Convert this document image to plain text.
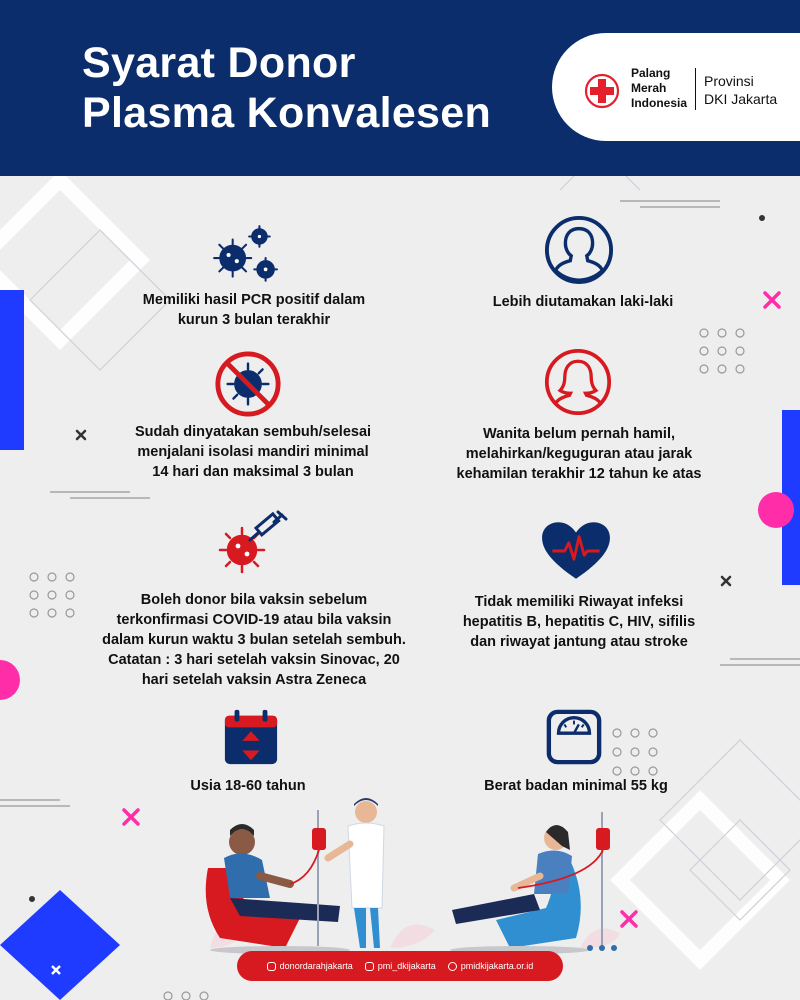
Syarat Donor
Plasma Konvalesen
Palang
Merah
Indonesia
Provinsi
DKI Jakarta
Memiliki hasil PCR positif dalam kurun 3 bulan terakhir
Lebih diutamakan laki-laki
Sudah dinyatakan sembuh/selesai menjalani isolasi mandiri minimal 14 hari dan maksimal 3 bulan
Wanita belum pernah hamil, melahirkan/keguguran atau jarak kehamilan terakhir 12 tahun ke atas
Boleh donor bila vaksin sebelum terkonfirmasi COVID-19 atau bila vaksin dalam kurun waktu 3 bulan setelah sembuh. Catatan : 3 hari setelah vaksin Sinovac, 20 hari setelah vaksin Astra Zeneca
Tidak memiliki Riwayat infeksi hepatitis B, hepatitis C, HIV, sifilis dan riwayat jantung atau stroke
Usia 18-60 tahun	Berat badan minimal 55 kg
donordarahjakarta	pmi_dkijakarta	pmidkijakarta.or.id
